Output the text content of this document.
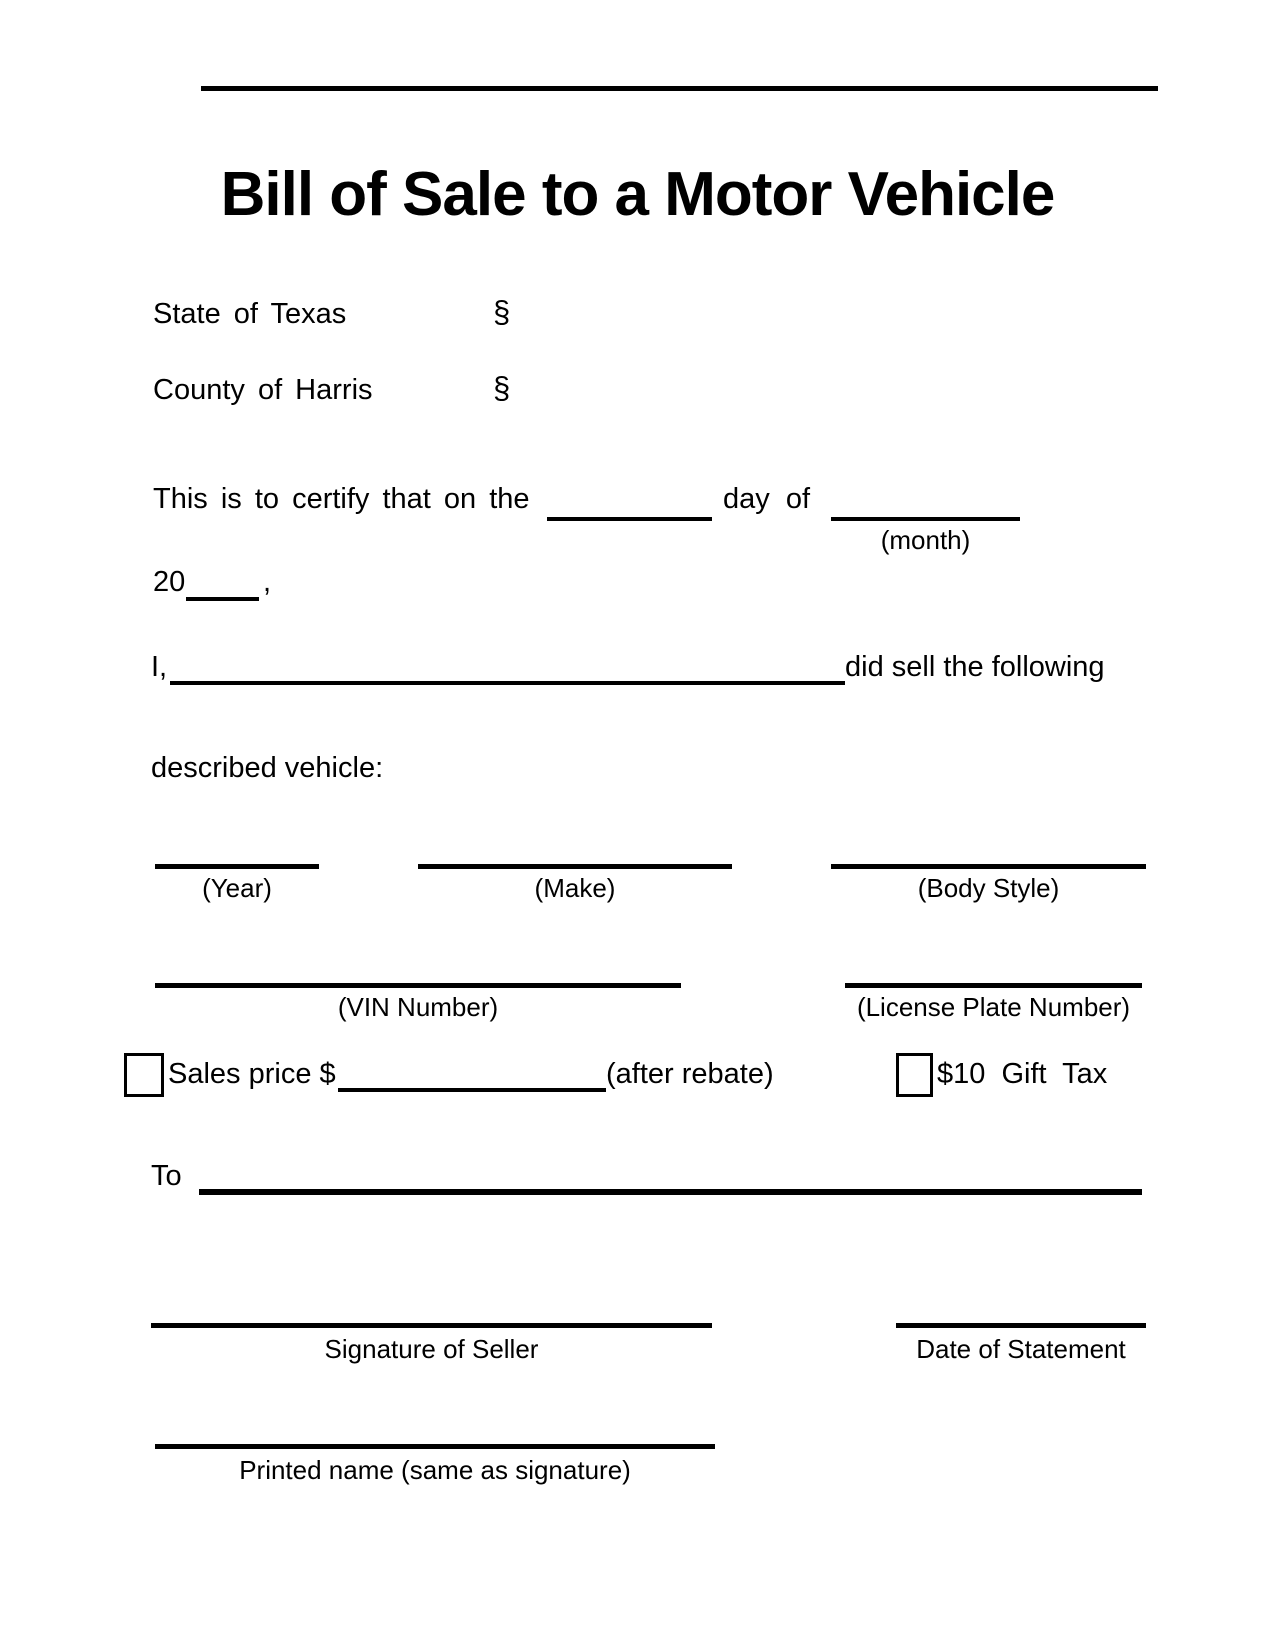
Bill of Sale to a Motor Vehicle
State of Texas	§
County of Harris	§
This is to certify that on the	day of
(month)
20	,
I,	did sell the following
described vehicle:
(Year)	(Make)	(Body Style)
(VIN Number)	(License Plate Number)
Sales price $	(after rebate)	$10 Gift Tax
To
Signature of Seller	Date of Statement
Printed name (same as signature)
